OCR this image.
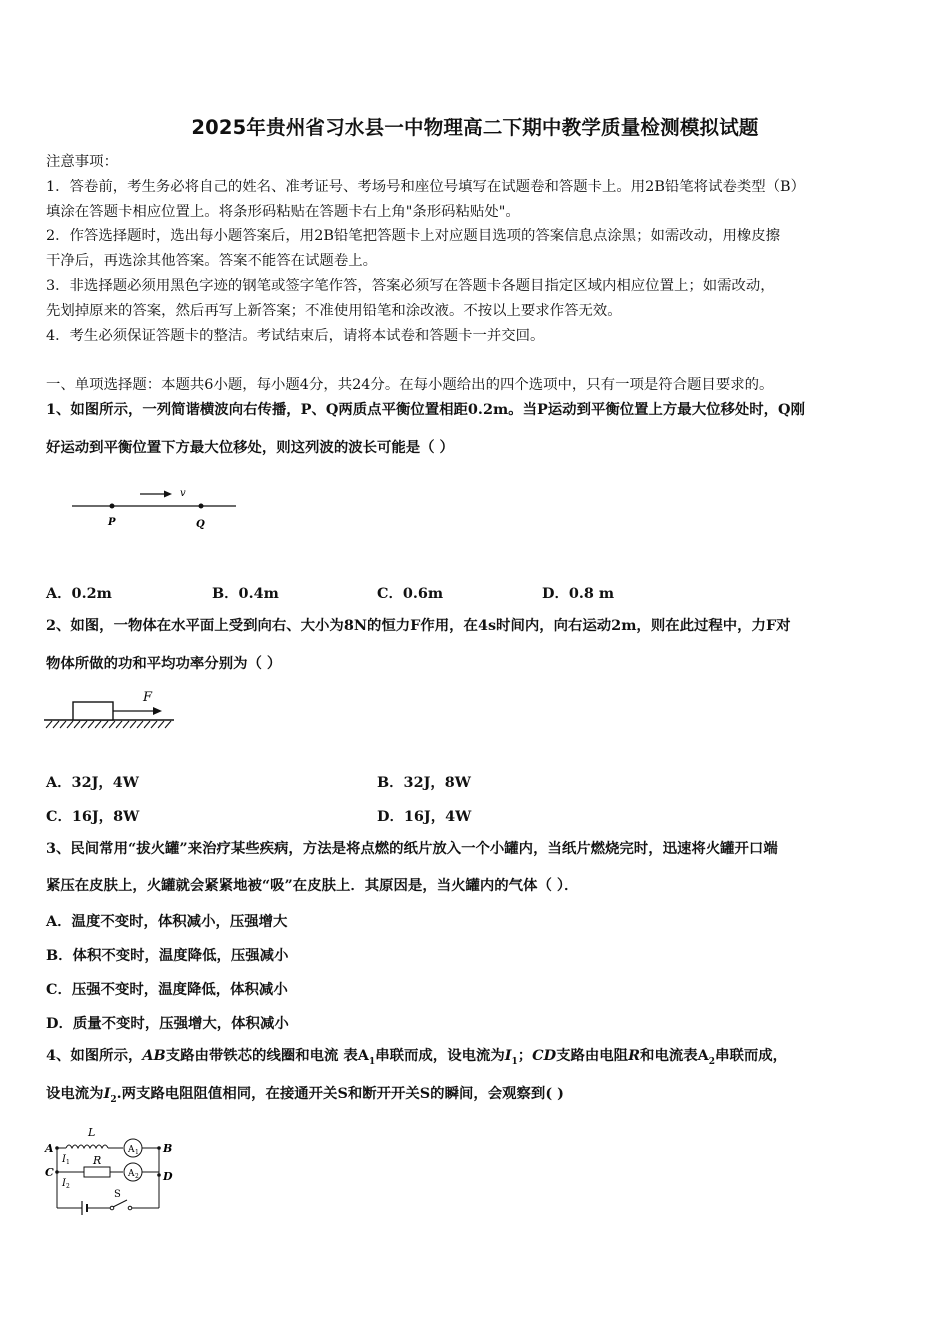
2025年贵州省习水县一中物理高二下期中教学质量检测模拟试题
注意事项：
1．答卷前，考生务必将自己的姓名、准考证号、考场号和座位号填写在试题卷和答题卡上。用2B铅笔将试卷类型（B）
填涂在答题卡相应位置上。将条形码粘贴在答题卡右上角"条形码粘贴处"。
2．作答选择题时，选出每小题答案后，用2B铅笔把答题卡上对应题目选项的答案信息点涂黑；如需改动，用橡皮擦
干净后，再选涂其他答案。答案不能答在试题卷上。
3．非选择题必须用黑色字迹的钢笔或签字笔作答，答案必须写在答题卡各题目指定区域内相应位置上；如需改动，
先划掉原来的答案，然后再写上新答案；不准使用铅笔和涂改液。不按以上要求作答无效。
4．考生必须保证答题卡的整洁。考试结束后，请将本试卷和答题卡一并交回。
一、单项选择题：本题共6小题，每小题4分，共24分。在每小题给出的四个选项中，只有一项是符合题目要求的。
1、如图所示，一列简谐横波向右传播，P、Q两质点平衡位置相距0.2m。当P运动到平衡位置上方最大位移处时，Q刚
好运动到平衡位置下方最大位移处，则这列波的波长可能是（ ）
v
P	Q
A．0.2m	B．0.4m	C．0.6m	D．0.8 m
2、如图，一物体在水平面上受到向右、大小为8N的恒力F作用，在4s时间内，向右运动2m，则在此过程中，力F对
物体所做的功和平均功率分别为（ ）
F
A．32J，4W	B．32J，8W
C．16J，8W	D．16J，4W
3、民间常用“拔火罐”来治疗某些疾病，方法是将点燃的纸片放入一个小罐内，当纸片燃烧完时，迅速将火罐开口端
紧压在皮肤上，火罐就会紧紧地被“吸”在皮肤上．其原因是，当火罐内的气体（ ）．
A．温度不变时，体积减小，压强增大
B．体积不变时，温度降低，压强减小
C．压强不变时，温度降低，体积减小
D．质量不变时，压强增大，体积减小
4、如图所示，AB支路由带铁芯的线圈和电流 表$A_1$串联而成，设电流为$I_1$；CD支路由电阻R和电流表$A_2$串联而成，
设电流为$I_2$.两支路电阻阻值相同，在接通开关S和断开开关S的瞬间，会观察到( )
A	B
C	D
L
A 1
I 1 R
A 2
I 2
S
